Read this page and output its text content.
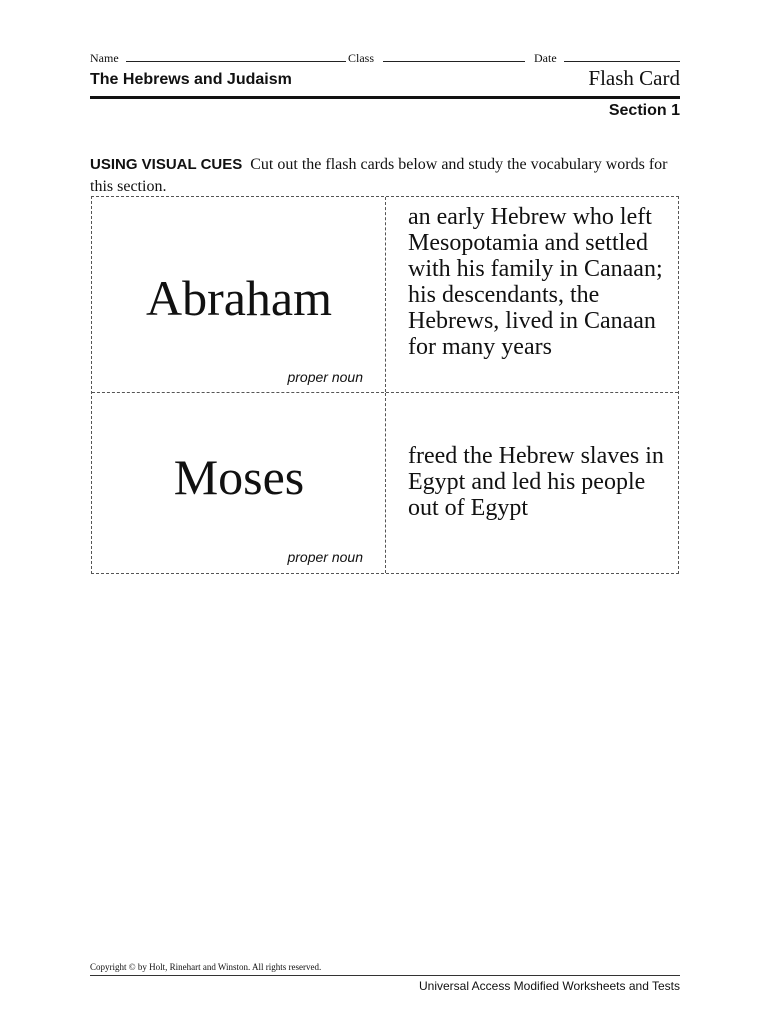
Name	Class	Date
The Hebrews and Judaism	Flash Card
Section 1
USING VISUAL CUES Cut out the flash cards below and study the vocabulary words for this section.
Abraham
proper noun
an early Hebrew who left Mesopotamia and settled with his family in Canaan; his descendants, the Hebrews, lived in Canaan for many years
Moses
proper noun
freed the Hebrew slaves in Egypt and led his people out of Egypt
Copyright © by Holt, Rinehart and Winston. All rights reserved.
Universal Access Modified Worksheets and Tests
